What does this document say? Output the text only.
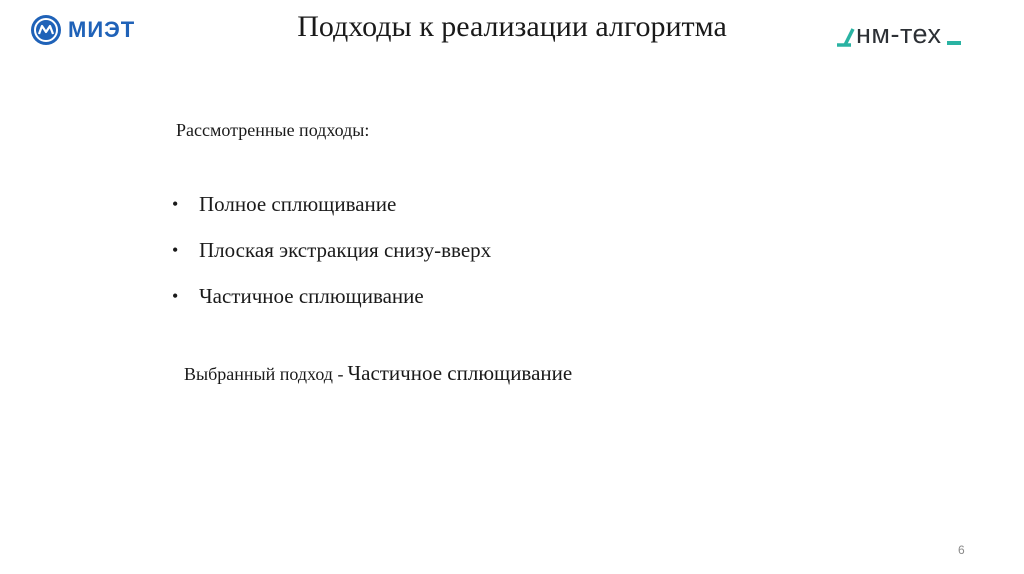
МИЭТ	Подходы к реализации алгоритма	нм-тех
Рассмотренные подходы:
• Полное сплющивание
• Плоская экстракция снизу-вверх
• Частичное сплющивание
Выбранный подход - Частичное сплющивание
6
